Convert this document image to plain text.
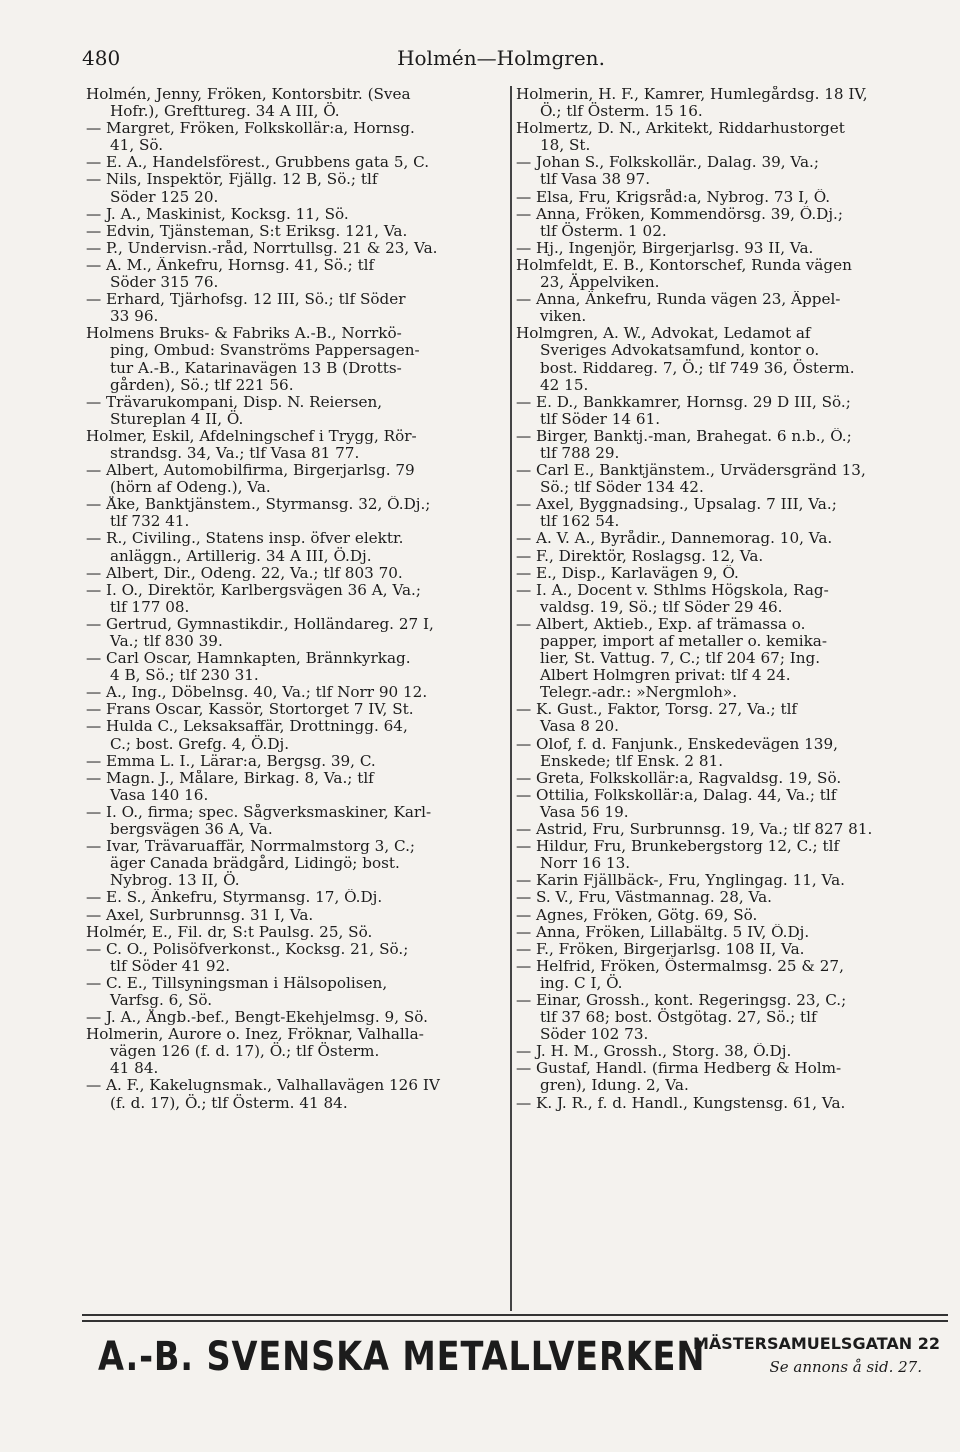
480	Holmén—Holmgren.

Holmén, Jenny, Fröken, Kontorsbitr. (Svea
Hofr.), Grefttureg. 34 A III, Ö.

— Margret, Fröken, Folkskollär:a, Hornsg.
41, Sö.

— E. A., Handelsförest., Grubbens gata 5, C.

— Nils, Inspektör, Fjällg. 12 B, Sö.; tlf
Söder 125 20.

— J. A., Maskinist, Kocksg. 11, Sö.

— Edvin, Tjänsteman, S:t Eriksg. 121, Va.

— P., Undervisn.-råd, Norrtullsg. 21 & 23, Va.

— A. M., Änkefru, Hornsg. 41, Sö.; tlf
Söder 315 76.

— Erhard, Tjärhofsg. 12 III, Sö.; tlf Söder
33 96.

Holmens Bruks- & Fabriks A.-B., Norrkö-
ping, Ombud: Svanströms Pappersagen-
tur A.-B., Katarinavägen 13 B (Drotts-
gården), Sö.; tlf 221 56.

— Trävarukompani, Disp. N. Reiersen,
Stureplan 4 II, Ö.

Holmer, Eskil, Afdelningschef i Trygg, Rör-
strandsg. 34, Va.; tlf Vasa 81 77.

— Albert, Automobilfirma, Birgerjarlsg. 79
(hörn af Odeng.), Va.

— Åke, Banktjänstem., Styrmansg. 32, Ö.Dj.;
tlf 732 41.

— R., Civiling., Statens insp. öfver elektr.
anläggn., Artillerig. 34 A III, Ö.Dj.

— Albert, Dir., Odeng. 22, Va.; tlf 803 70.

— I. O., Direktör, Karlbergsvägen 36 A, Va.;
tlf 177 08.

— Gertrud, Gymnastikdir., Holländareg. 27 I,
Va.; tlf 830 39.

— Carl Oscar, Hamnkapten, Brännkyrkag.
4 B, Sö.; tlf 230 31.

— A., Ing., Döbelnsg. 40, Va.; tlf Norr 90 12.

— Frans Oscar, Kassör, Stortorget 7 IV, St.

— Hulda C., Leksaksaffär, Drottningg. 64,
C.; bost. Grefg. 4, Ö.Dj.

— Emma L. I., Lärar:a, Bergsg. 39, C.

— Magn. J., Målare, Birkag. 8, Va.; tlf
Vasa 140 16.

— I. O., firma; spec. Sågverksmaskiner, Karl-
bergsvägen 36 A, Va.

— Ivar, Trävaruaffär, Norrmalmstorg 3, C.;
äger Canada brädgård, Lidingö; bost.
Nybrog. 13 II, Ö.

— E. S., Änkefru, Styrmansg. 17, Ö.Dj.

— Axel, Surbrunnsg. 31 I, Va.

Holmér, E., Fil. dr, S:t Paulsg. 25, Sö.

— C. O., Polisöfverkonst., Kocksg. 21, Sö.;
tlf Söder 41 92.

— C. E., Tillsyningsman i Hälsopolisen,
Varfsg. 6, Sö.

— J. A., Ångb.-bef., Bengt-Ekehjelmsg. 9, Sö.

Holmerin, Aurore o. Inez, Fröknar, Valhalla-
vägen 126 (f. d. 17), Ö.; tlf Österm.
41 84.

— A. F., Kakelugnsmak., Valhallavägen 126 IV
(f. d. 17), Ö.; tlf Österm. 41 84.

Holmerin, H. F., Kamrer, Humlegårdsg. 18 IV,
Ö.; tlf Österm. 15 16.

Holmertz, D. N., Arkitekt, Riddarhustorget
18, St.

— Johan S., Folkskollär., Dalag. 39, Va.;
tlf Vasa 38 97.

— Elsa, Fru, Krigsråd:a, Nybrog. 73 I, Ö.

— Anna, Fröken, Kommendörsg. 39, Ö.Dj.;
tlf Österm. 1 02.

— Hj., Ingenjör, Birgerjarlsg. 93 II, Va.

Holmfeldt, E. B., Kontorschef, Runda vägen
23, Äppelviken.

— Anna, Änkefru, Runda vägen 23, Äppel-
viken.

Holmgren, A. W., Advokat, Ledamot af
Sveriges Advokatsamfund, kontor o.
bost. Riddareg. 7, Ö.; tlf 749 36, Österm.
42 15.

— E. D., Bankkamrer, Hornsg. 29 D III, Sö.;
tlf Söder 14 61.

— Birger, Banktj.-man, Brahegat. 6 n.b., Ö.;
tlf 788 29.

— Carl E., Banktjänstem., Urvädersgränd 13,
Sö.; tlf Söder 134 42.

— Axel, Byggnadsing., Upsalag. 7 III, Va.;
tlf 162 54.

— A. V. A., Byrådir., Dannemorag. 10, Va.

— F., Direktör, Roslagsg. 12, Va.

— E., Disp., Karlavägen 9, Ö.

— I. A., Docent v. Sthlms Högskola, Rag-
valdsg. 19, Sö.; tlf Söder 29 46.

— Albert, Aktieb., Exp. af trämassa o.
papper, import af metaller o. kemika-
lier, St. Vattug. 7, C.; tlf 204 67; Ing.
Albert Holmgren privat: tlf 4 24.
Telegr.-adr.: »Nergmloh».

— K. Gust., Faktor, Torsg. 27, Va.; tlf
Vasa 8 20.

— Olof, f. d. Fanjunk., Enskedevägen 139,
Enskede; tlf Ensk. 2 81.

— Greta, Folkskollär:a, Ragvaldsg. 19, Sö.

— Ottilia, Folkskollär:a, Dalag. 44, Va.; tlf
Vasa 56 19.

— Astrid, Fru, Surbrunnsg. 19, Va.; tlf 827 81.

— Hildur, Fru, Brunkebergstorg 12, C.; tlf
Norr 16 13.

— Karin Fjällbäck-, Fru, Ynglingag. 11, Va.

— S. V., Fru, Västmannag. 28, Va.

— Agnes, Fröken, Götg. 69, Sö.

— Anna, Fröken, Lillabältg. 5 IV, Ö.Dj.

— F., Fröken, Birgerjarlsg. 108 II, Va.

— Helfrid, Fröken, Östermalmsg. 25 & 27,
ing. C I, Ö.

— Einar, Grossh., kont. Regeringsg. 23, C.;
tlf 37 68; bost. Östgötag. 27, Sö.; tlf
Söder 102 73.

— J. H. M., Grossh., Storg. 38, Ö.Dj.

— Gustaf, Handl. (firma Hedberg & Holm-
gren), Idung. 2, Va.

— K. J. R., f. d. Handl., Kungstensg. 61, Va.

A.-B. SVENSKA METALLVERKEN
MÄSTERSAMUELSGATAN 22
Se annons å sid. 27.
